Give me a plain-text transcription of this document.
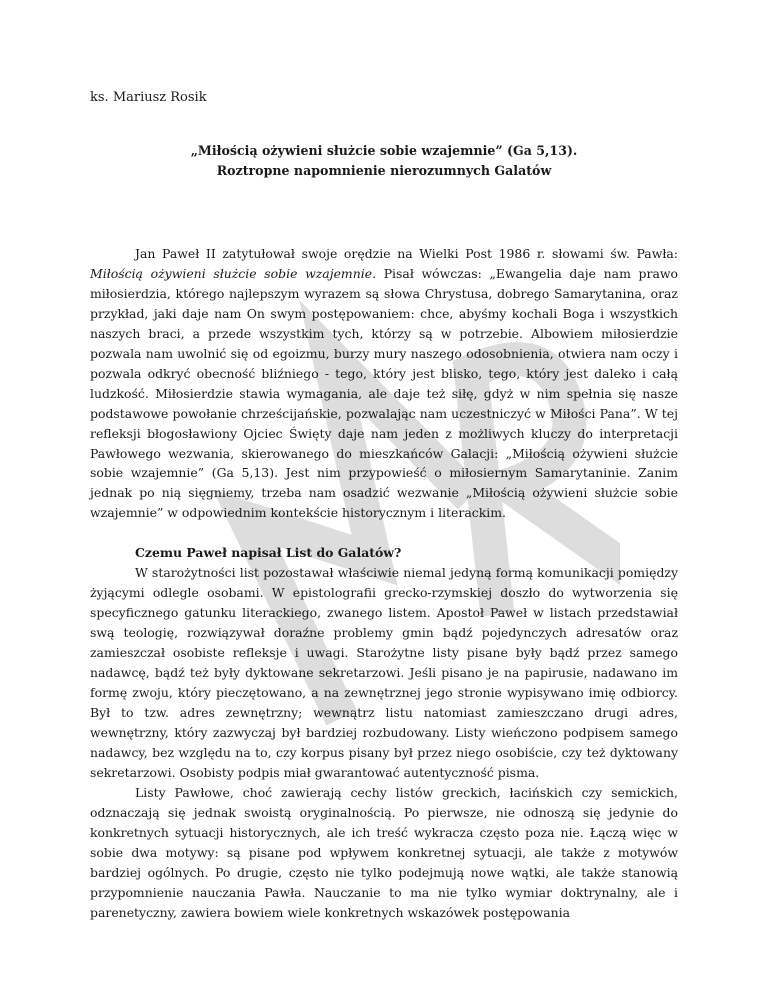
ks. Mariusz Rosik
„Miłością ożywieni służcie sobie wzajemnie” (Ga 5,13).
Roztropne napomnienie nierozumnych Galatów

Jan Paweł II zatytułował swoje orędzie na Wielki Post 1986 r. słowami św. Pawła: Miłością ożywieni służcie sobie wzajemnie. Pisał wówczas: „Ewangelia daje nam prawo miłosierdzia, którego najlepszym wyrazem są słowa Chrystusa, dobrego Samarytanina, oraz przykład, jaki daje nam On swym postępowaniem: chce, abyśmy kochali Boga i wszystkich naszych braci, a przede wszystkim tych, którzy są w potrzebie. Albowiem miłosierdzie pozwala nam uwolnić się od egoizmu, burzy mury naszego odosobnienia, otwiera nam oczy i pozwala odkryć obecność bliźniego - tego, który jest blisko, tego, który jest daleko i całą ludzkość. Miłosierdzie stawia wymagania, ale daje też siłę, gdyż w nim spełnia się nasze podstawowe powołanie chrześcijańskie, pozwalając nam uczestniczyć w Miłości Pana”. W tej refleksji błogosławiony Ojciec Święty daje nam jeden z możliwych kluczy do interpretacji Pawłowego wezwania, skierowanego do mieszkańców Galacji: „Miłością ożywieni służcie sobie wzajemnie” (Ga 5,13). Jest nim przypowieść o miłosiernym Samarytaninie. Zanim jednak po nią sięgniemy, trzeba nam osadzić wezwanie „Miłością ożywieni służcie sobie wzajemnie” w odpowiednim kontekście historycznym i literackim.

Czemu Paweł napisał List do Galatów?

W starożytności list pozostawał właściwie niemal jedyną formą komunikacji pomiędzy żyjącymi odlegle osobami. W epistolografii grecko-rzymskiej doszło do wytworzenia się specyficznego gatunku literackiego, zwanego listem. Apostoł Paweł w listach przedstawiał swą teologię, rozwiązywał doraźne problemy gmin bądź pojedynczych adresatów oraz zamieszczał osobiste refleksje i uwagi. Starożytne listy pisane były bądź przez samego nadawcę, bądź też były dyktowane sekretarzowi. Jeśli pisano je na papirusie, nadawano im formę zwoju, który pieczętowano, a na zewnętrznej jego stronie wypisywano imię odbiorcy. Był to tzw. adres zewnętrzny; wewnątrz listu natomiast zamieszczano drugi adres, wewnętrzny, który zazwyczaj był bardziej rozbudowany. Listy wieńczono podpisem samego nadawcy, bez względu na to, czy korpus pisany był przez niego osobiście, czy też dyktowany sekretarzowi. Osobisty podpis miał gwarantować autentyczność pisma.

Listy Pawłowe, choć zawierają cechy listów greckich, łacińskich czy semickich, odznaczają się jednak swoistą oryginalnością. Po pierwsze, nie odnoszą się jedynie do konkretnych sytuacji historycznych, ale ich treść wykracza często poza nie. Łączą więc w sobie dwa motywy: są pisane pod wpływem konkretnej sytuacji, ale także z motywów bardziej ogólnych. Po drugie, często nie tylko podejmują nowe wątki, ale także stanowią przypomnienie nauczania Pawła. Nauczanie to ma nie tylko wymiar doktrynalny, ale i parenetyczny, zawiera bowiem wiele konkretnych wskazówek postępowania
